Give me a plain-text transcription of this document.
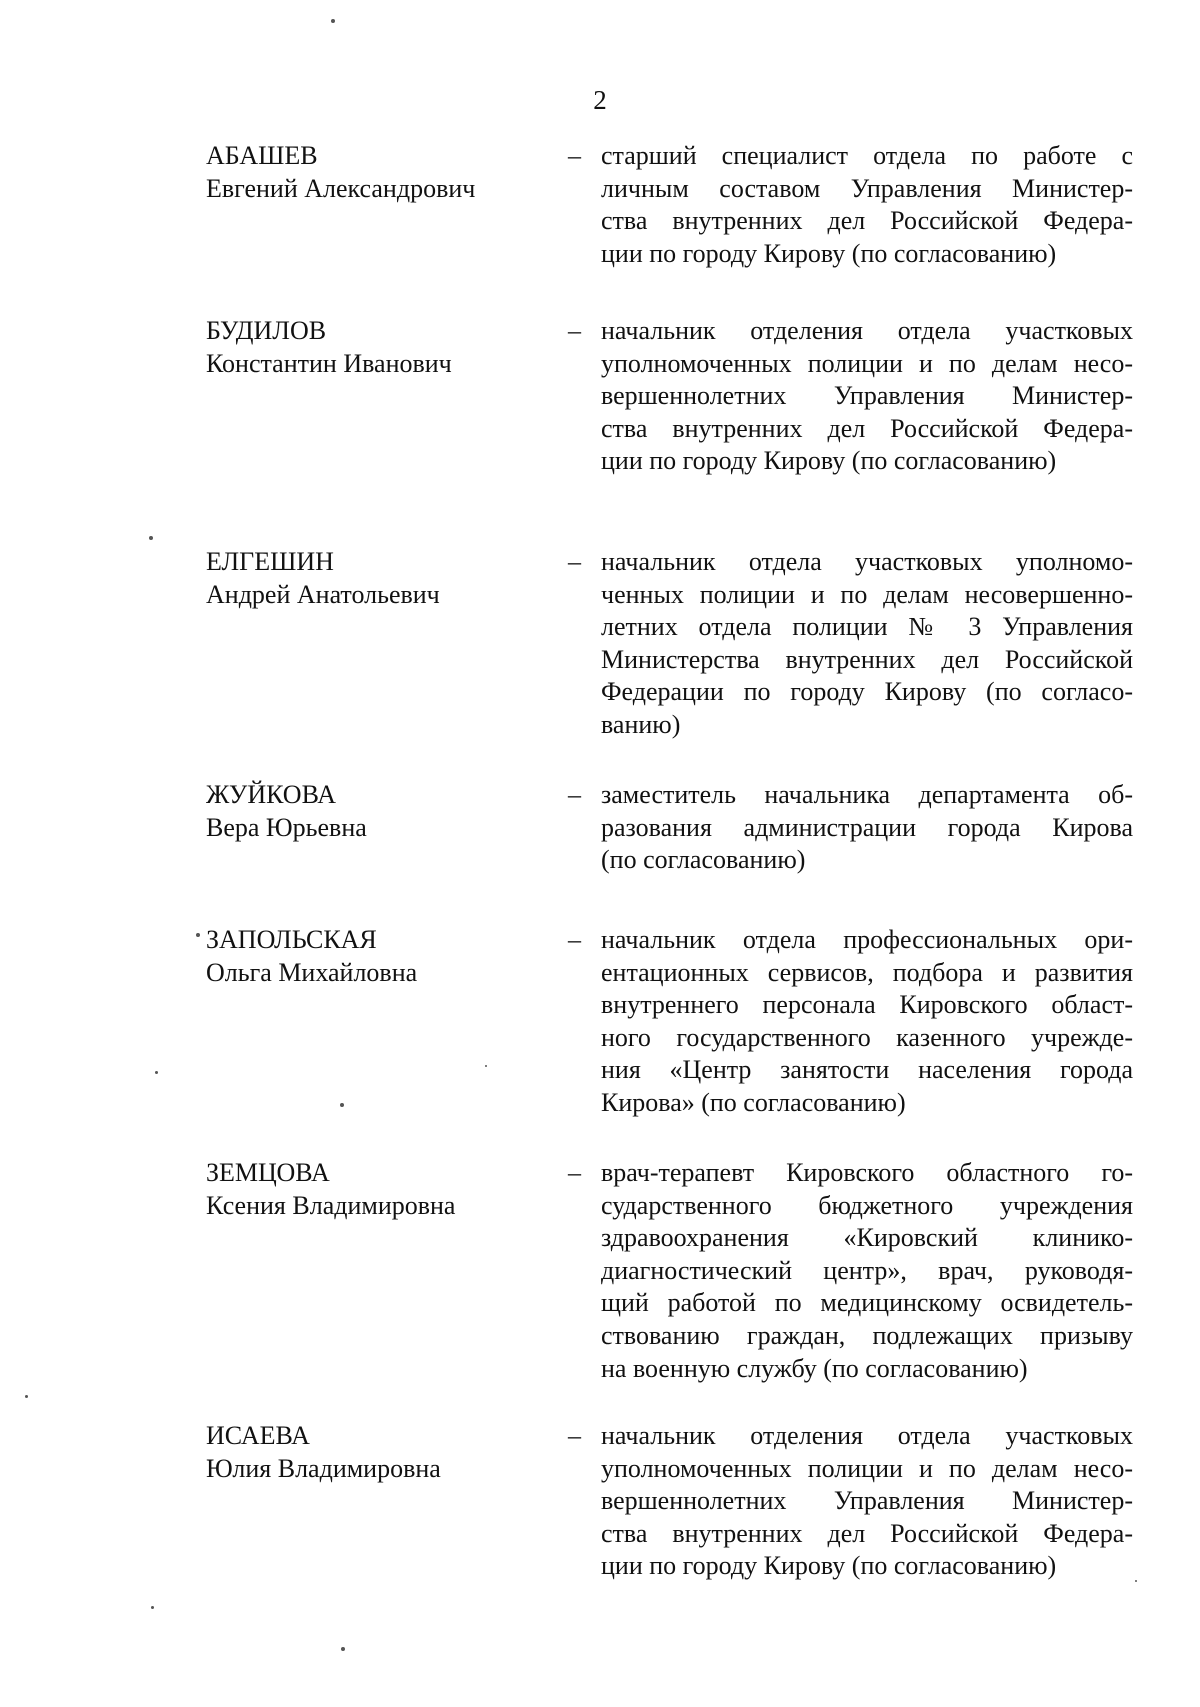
2
АБАШЕВ
Евгений Александрович
– старший специалист отдела по работе с
личным составом Управления Министер-
ства внутренних дел Российской Федера-
ции по городу Кирову (по согласованию)
БУДИЛОВ
Константин Иванович
– начальник отделения отдела участковых
уполномоченных полиции и по делам несо-
вершеннолетних Управления Министер-
ства внутренних дел Российской Федера-
ции по городу Кирову (по согласованию)
ЕЛГЕШИН
Андрей Анатольевич
– начальник отдела участковых уполномо-
ченных полиции и по делам несовершенно-
летних отдела полиции № 3 Управления
Министерства внутренних дел Российской
Федерации по городу Кирову (по согласо-
ванию)
ЖУЙКОВА
Вера Юрьевна
– заместитель начальника департамента об-
разования администрации города Кирова
(по согласованию)
ЗАПОЛЬСКАЯ
Ольга Михайловна
– начальник отдела профессиональных ори-
ентационных сервисов, подбора и развития
внутреннего персонала Кировского област-
ного государственного казенного учрежде-
ния «Центр занятости населения города
Кирова» (по согласованию)
ЗЕМЦОВА
Ксения Владимировна
– врач-терапевт Кировского областного го-
сударственного бюджетного учреждения
здравоохранения «Кировский клинико-
диагностический центр», врач, руководя-
щий работой по медицинскому освидетель-
ствованию граждан, подлежащих призыву
на военную службу (по согласованию)
ИСАЕВА
Юлия Владимировна
– начальник отделения отдела участковых
уполномоченных полиции и по делам несо-
вершеннолетних Управления Министер-
ства внутренних дел Российской Федера-
ции по городу Кирову (по согласованию)
